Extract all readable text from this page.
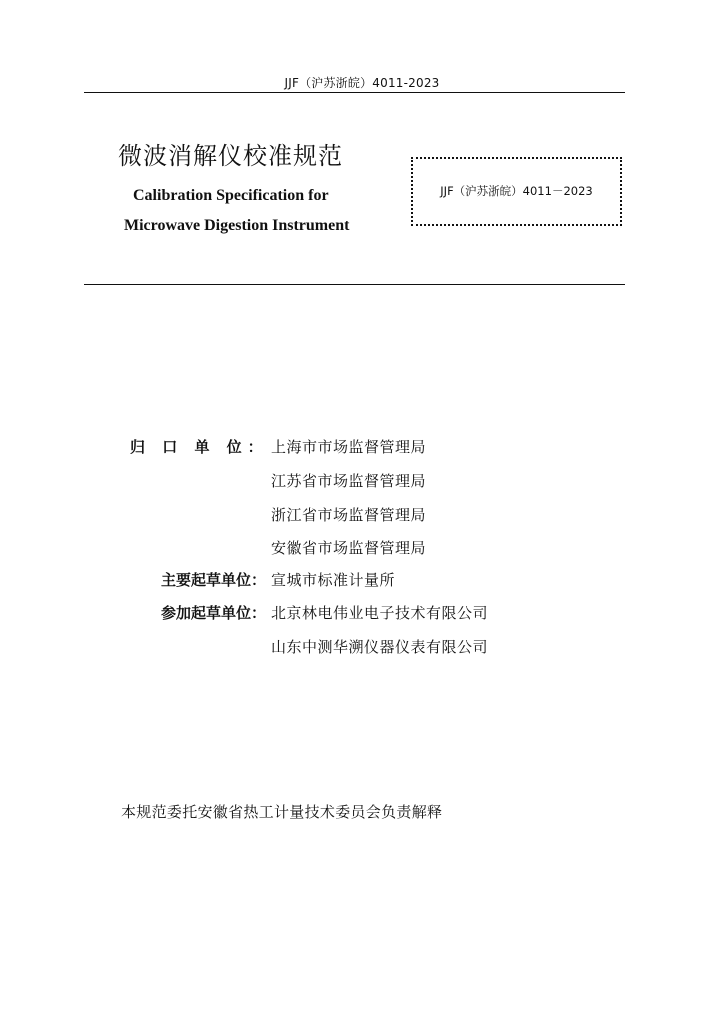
JJF（沪苏浙皖）4011-2023
微波消解仪校准规范
Calibration Specification for
Microwave Digestion Instrument
JJF（沪苏浙皖）4011－2023
归 口 单 位： 上海市市场监督管理局
江苏省市场监督管理局
浙江省市场监督管理局
安徽省市场监督管理局
主要起草单位： 宣城市标准计量所
参加起草单位： 北京林电伟业电子技术有限公司
山东中测华溯仪器仪表有限公司
本规范委托安徽省热工计量技术委员会负责解释
